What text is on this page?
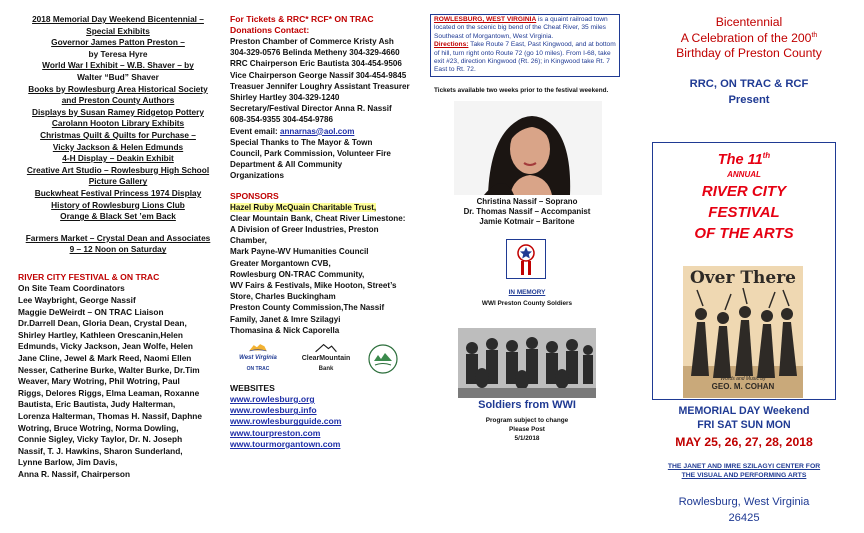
2018 Memorial Day Weekend Bicentennial –
Special Exhibits
Governor James Patton Preston –
by Teresa Hyre
World War I Exhibit – W.B. Shaver – by
Walter “Bud” Shaver
Books by Rowlesburg Area Historical Society
and Preston County Authors
Displays by Susan Ramey Ridgetop Pottery
Carolann Hooton Library Exhibits
Christmas Quilt & Quilts for Purchase –
Vicky Jackson & Helen Edmunds
4-H Display – Deakin Exhibit
Creative Art Studio – Rowlesburg High School
Picture Gallery
Buckwheat Festival Princess 1974 Display
History of Rowlesburg Lions Club
Orange & Black Set ’em Back
Farmers Market – Crystal Dean and Associates
9 – 12 Noon on Saturday
RIVER CITY FESTIVAL & ON TRAC
On Site Team Coordinators
Lee Waybright, George Nassif
Maggie DeWeirdt – ON TRAC Liaison
Dr.Darrell Dean, Gloria Dean, Crystal Dean,
Shirley Hartley, Kathleen Orescanin,Helen
Edmunds, Vicky Jackson, Jean Wolfe, Helen
Jane Cline, Jewel & Mark Reed, Naomi Ellen
Nesser, Catherine Burke, Walter Burke, Dr.Tim
Weaver, Mary Wotring, Phil Wotring, Paul
Riggs, Delores Riggs, Elma Leaman, Roxanne
Bautista, Eric Bautista, Judy Halterman,
Lorenza Halterman, Thomas H. Nassif, Daphne
Wotring, Bruce Wotring, Norma Dowling,
Connie Sigley, Vicky Taylor, Dr. N. Joseph
Nassif, T. J. Hawkins, Sharon Sunderland,
Lynne Barlow, Jim Davis,
Anna R. Nassif, Chairperson
For Tickets & RRC* RCF* ON TRAC
Donations Contact:
Preston Chamber of Commerce Kristy Ash
304-329-0576 Belinda Metheny 304-329-4660
RRC Chairperson Eric Bautista 304-454-9506
Vice Chairperson George Nassif 304-454-9845
Treasuer Jennifer Loughry Assistant Treasurer
Shirley Hartley 304-329-1240
Secretary/Festival Director Anna R. Nassif
608-354-9355 304-454-9786
Event email: annarnas@aol.com
Special Thanks to The Mayor & Town
Council, Park Commission, Volunteer Fire
Department & All Community
Organizations
SPONSORS
Hazel Ruby McQuain Charitable Trust,
Clear Mountain Bank, Cheat River Limestone:
A Division of Greer Industries, Preston
Chamber,
Mark Payne-WV Humanities Council
Greater Morgantown CVB,
Rowlesburg ON-TRAC Community,
WV Fairs & Festivals, Mike Hooton, Street’s
Store, Charles Buckingham
Preston County Commission,The Nassif
Family, Janet & Imre Szilagyi
Thomasina & Nick Caporella
West Virginia
ON TRAC
ClearMountain
Bank
WEBSITES
www.rowlesburg.org
www.rowlesburg.info
www.rowlesburgguide.com
www.tourpreston.com
www.tourmorgantown.com
ROWLESBURG, WEST VIRGINIA is a quaint railroad town located on the scenic big bend of the Cheat River, 35 miles Southeast of Morgantown, West Virginia.
Directions: Take Route 7 East, Past Kingwood, and at bottom of hill, turn right onto Route 72 (go 10 miles). From I-68, take exit #23, direction Kingwood (Rt. 26); in Kingwood take Rt. 7 East to Rt. 72.
Tickets available two weeks prior to the festival weekend.
Christina Nassif – Soprano
Dr. Thomas Nassif – Accompanist
Jamie Kotmair – Baritone
IN MEMORY
WWI Preston County Soldiers
Soldiers from WWI
Program subject to change
Please Post
5/1/2018
Bicentennial
A Celebration of the 200th
Birthday of Preston County
RRC, ON TRAC & RCF
Present
The 11th
ANNUAL
RIVER CITY
FESTIVAL
OF THE ARTS
Over There
Words and Music by
GEO. M. COHAN
MEMORIAL DAY Weekend
FRI SAT SUN MON
MAY 25, 26, 27, 28, 2018
THE JANET AND IMRE SZILAGYI CENTER FOR
THE VISUAL AND PERFORMING ARTS
Rowlesburg, West Virginia
26425
